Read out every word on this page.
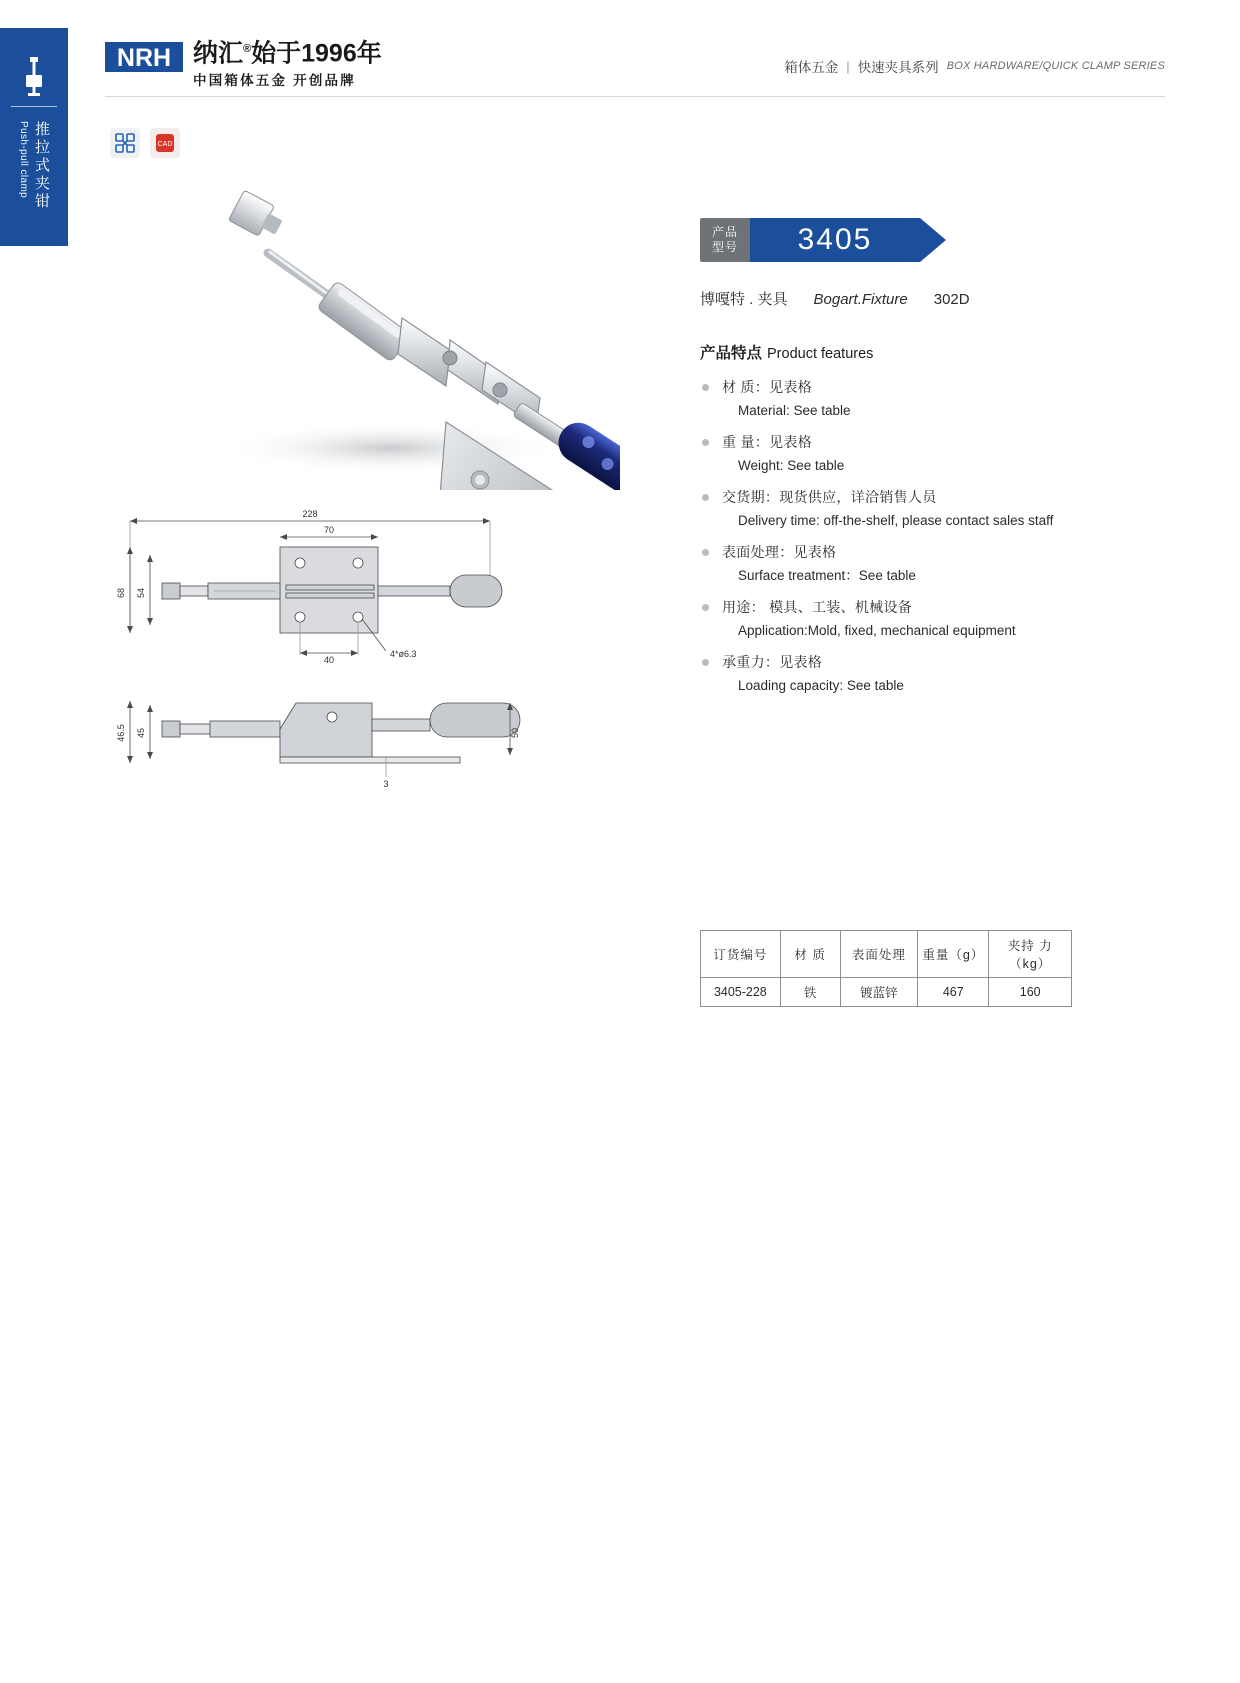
推拉式夹钳
Push-pull clamp
NRH 纳汇®始于1996年
中国箱体五金 开创品牌
箱体五金 | 快速夹具系列 BOX HARDWARE/QUICK CLAMP SERIES
CAD
228
70
68 54
40
4*ø6.3
46.5 45	50
3
产品
型号	3405
博嘎特 . 夹具 Bogart.Fixture 302D
产品特点 Product features
材 质：见表格
Material: See table
重 量：见表格
Weight: See table
交货期：现货供应，详洽销售人员
Delivery time: off-the-shelf, please contact sales staff
表面处理：见表格
Surface treatment：See table
用途： 模具、工装、机械设备
Application:Mold, fixed, mechanical equipment
承重力：见表格
Loading capacity: See table
订货编号	材 质	表面处理	重量（g）	夹持 力（kg）
3405-228	铁	镀蓝锌	467	160
